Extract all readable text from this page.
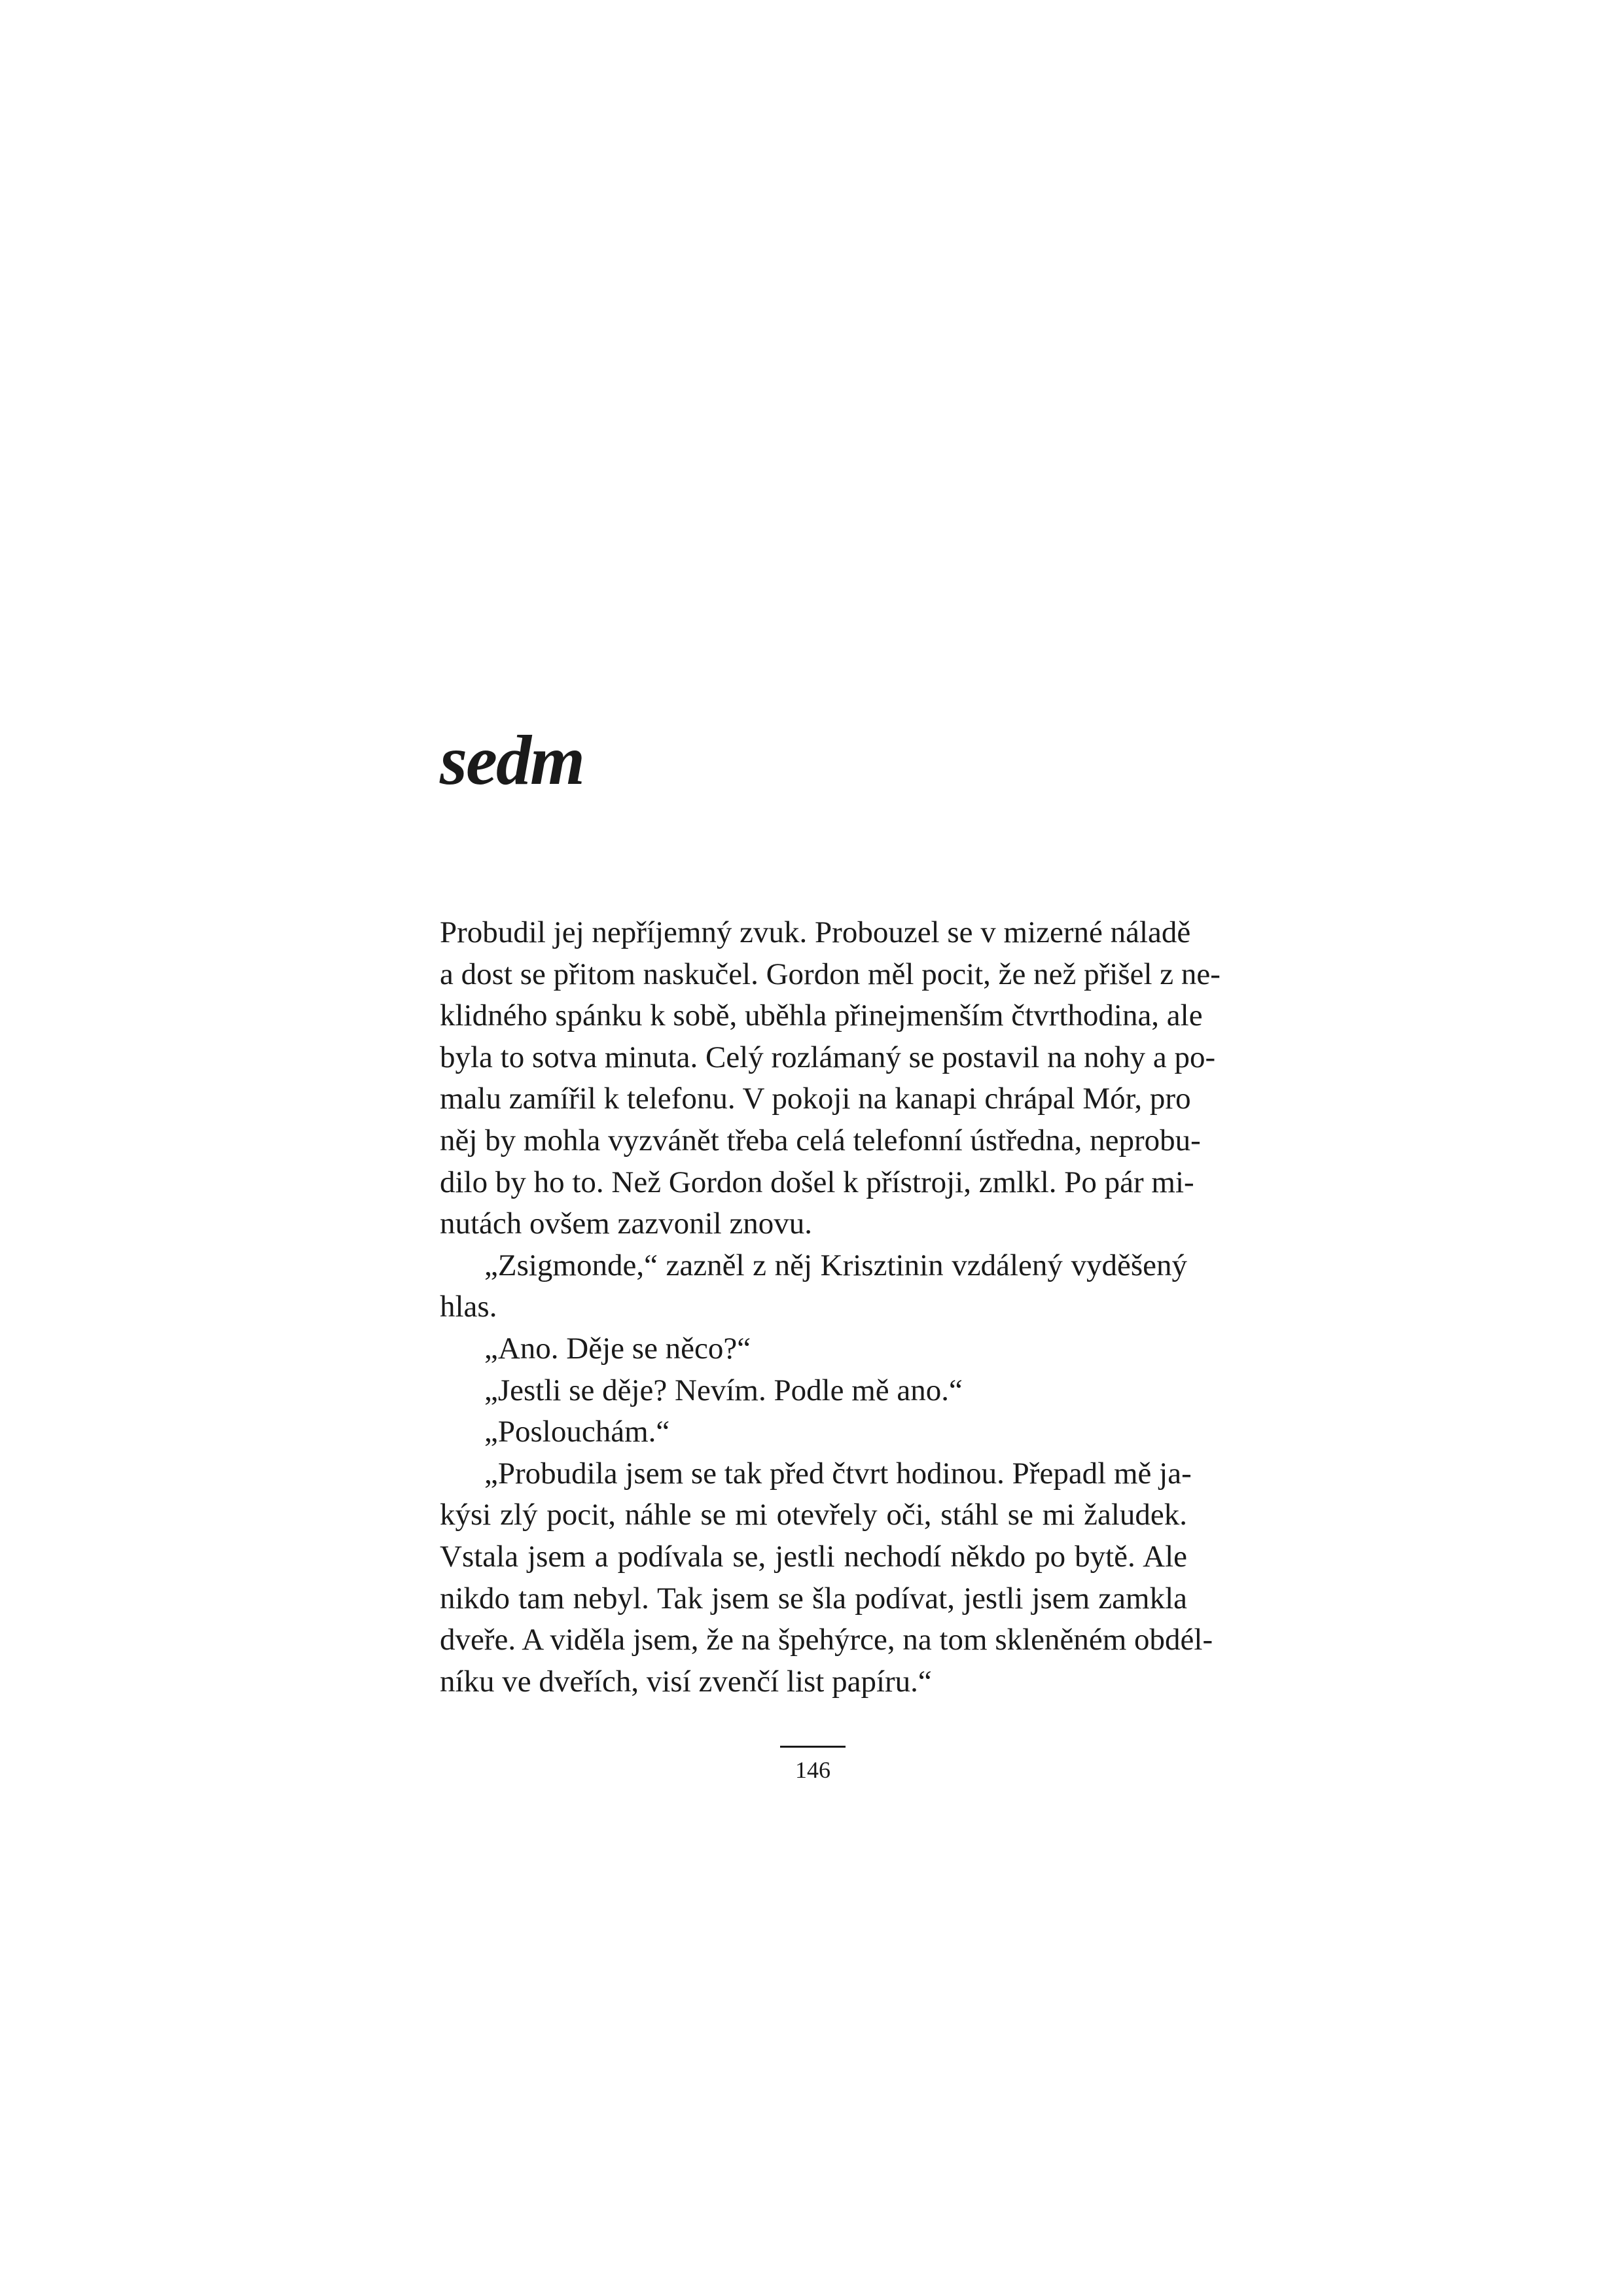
sedm
Probudil jej nepříjemný zvuk. Probouzel se v mizerné náladě
a dost se přitom naskučel. Gordon měl pocit, že než přišel z ne-
klidného spánku k sobě, uběhla přinejmenším čtvrthodina, ale
byla to sotva minuta. Celý rozlámaný se postavil na nohy a po-
malu zamířil k telefonu. V pokoji na kanapi chrápal Mór, pro
něj by mohla vyzvánět třeba celá telefonní ústředna, neprobu-
dilo by ho to. Než Gordon došel k přístroji, zmlkl. Po pár mi-
nutách ovšem zazvonil znovu.
„Zsigmonde,“ zazněl z něj Krisztinin vzdálený vyděšený
hlas.
„Ano. Děje se něco?“
„Jestli se děje? Nevím. Podle mě ano.“
„Poslouchám.“
„Probudila jsem se tak před čtvrt hodinou. Přepadl mě ja-
kýsi zlý pocit, náhle se mi otevřely oči, stáhl se mi žaludek.
Vstala jsem a podívala se, jestli nechodí někdo po bytě. Ale
nikdo tam nebyl. Tak jsem se šla podívat, jestli jsem zamkla
dveře. A viděla jsem, že na špehýrce, na tom skleněném obdél-
níku ve dveřích, visí zvenčí list papíru.“
146
